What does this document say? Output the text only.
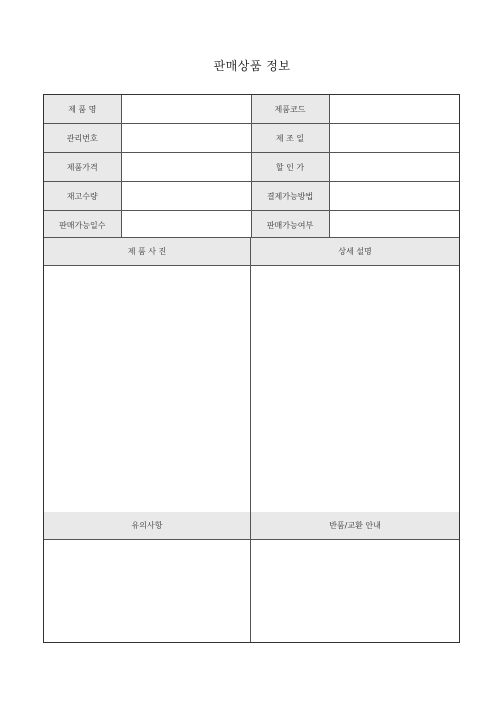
판매상품 정보
제 품 명		제품코드	
관리번호		제 조 일	
제품가격		할 인 가	
재고수량		결제가능방법	
판매가능일수		판매가능여부	
제 품 사 진	상세 설명
유의사항	반품/교환 안내
